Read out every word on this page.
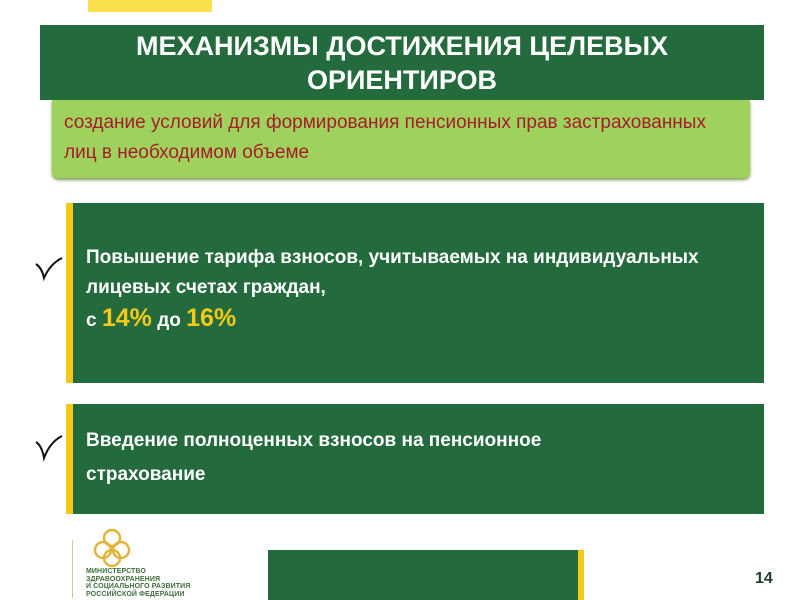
МЕХАНИЗМЫ ДОСТИЖЕНИЯ ЦЕЛЕВЫХ ОРИЕНТИРОВ
создание условий для формирования пенсионных прав застрахованных лиц в необходимом объеме
Повышение тарифа взносов, учитываемых на индивидуальных лицевых счетах граждан,
с 14% до 16%
Введение полноценных взносов на пенсионное
страхование
МИНИСТЕРСТВО
ЗДРАВООХРАНЕНИЯ
И СОЦИАЛЬНОГО РАЗВИТИЯ
РОССИЙСКОЙ ФЕДЕРАЦИИ
14
